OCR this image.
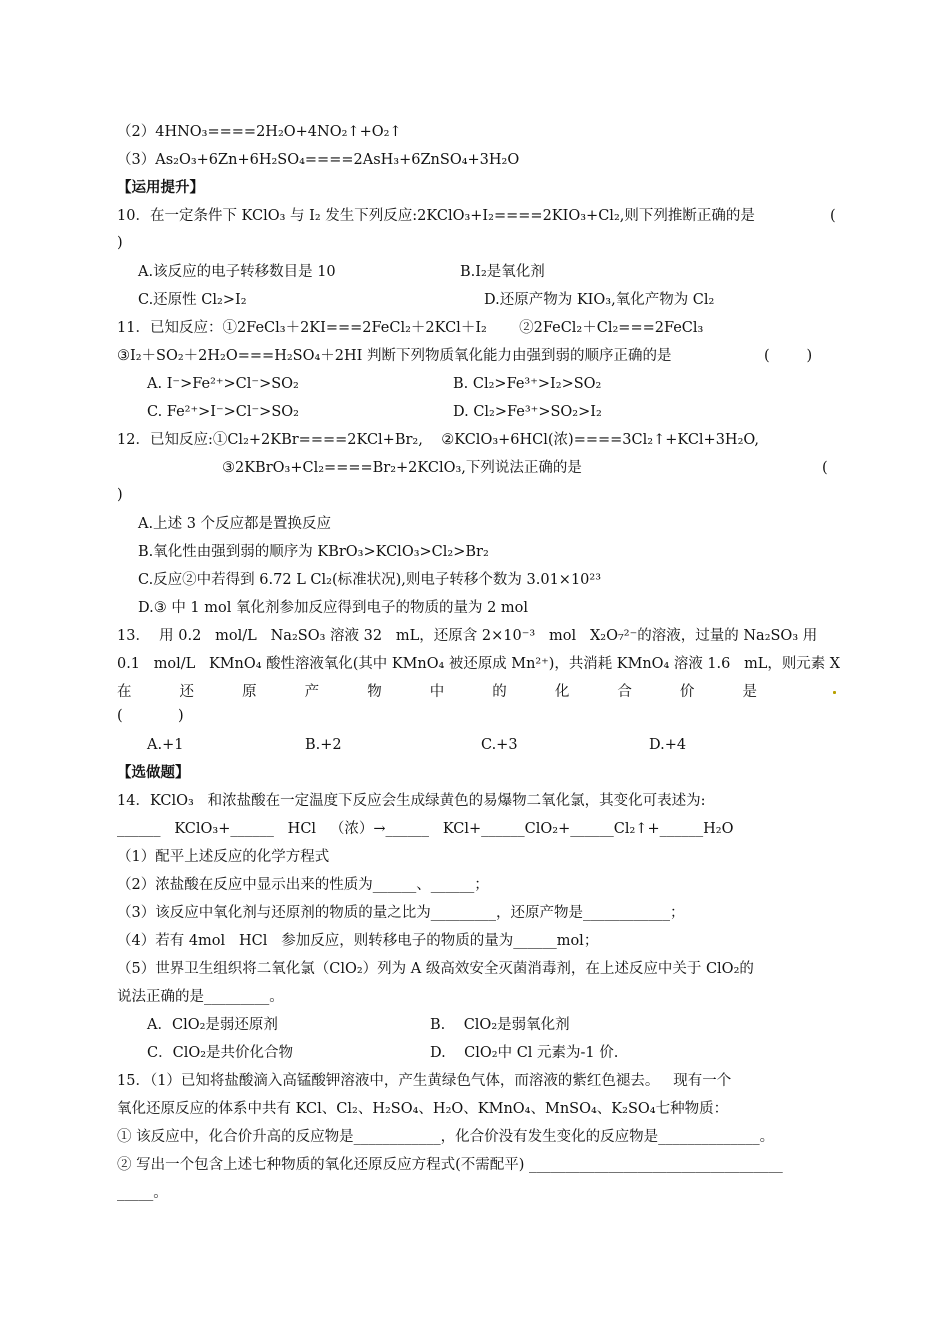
（2）4HNO₃====2H₂O+4NO₂↑+O₂↑
（3）As₂O₃+6Zn+6H₂SO₄====2AsH₃+6ZnSO₄+3H₂O
【运用提升】
10．在一定条件下 KClO₃ 与 I₂ 发生下列反应:2KClO₃+I₂====2KIO₃+Cl₂,则下列推断正确的是	(
)
A.该反应的电子转移数目是 10	B.I₂是氧化剂
C.还原性 Cl₂>I₂	D.还原产物为 KIO₃,氧化产物为 Cl₂
11．已知反应：①2FeCl₃＋2KI===2FeCl₂＋2KCl＋I₂       ②2FeCl₂＋Cl₂===2FeCl₃
③I₂＋SO₂＋2H₂O===H₂SO₄＋2HI 判断下列物质氧化能力由强到弱的顺序正确的是	(        )
A. I⁻>Fe²⁺>Cl⁻>SO₂	B. Cl₂>Fe³⁺>I₂>SO₂
C. Fe²⁺>I⁻>Cl⁻>SO₂	D. Cl₂>Fe³⁺>SO₂>I₂
12．已知反应:①Cl₂+2KBr====2KCl+Br₂,    ②KClO₃+6HCl(浓)====3Cl₂↑+KCl+3H₂O,
③2KBrO₃+Cl₂====Br₂+2KClO₃,下列说法正确的是	(
)
A.上述 3 个反应都是置换反应
B.氧化性由强到弱的顺序为 KBrO₃>KClO₃>Cl₂>Br₂
C.反应②中若得到 6.72 L Cl₂(标准状况),则电子转移个数为 3.01×10²³
D.③ 中 1 mol 氧化剂参加反应得到电子的物质的量为 2 mol
13．  用 0.2   mol/L   Na₂SO₃ 溶液 32   mL，还原含 2×10⁻³   mol   X₂O₇²⁻的溶液，过量的 Na₂SO₃ 用
0.1   mol/L   KMnO₄ 酸性溶液氧化(其中 KMnO₄ 被还原成 Mn²⁺)，共消耗 KMnO₄ 溶液 1.6   mL，则元素 X
在	还	原	产	物	中	的	化	合	价	是
(            )
A.+1	B.+2	C.+3	D.+4
【选做题】
14．KClO₃   和浓盐酸在一定温度下反应会生成绿黄色的易爆物二氧化氯，其变化可表述为:
______   KClO₃+______   HCl   （浓）→______   KCl+______ClO₂+______Cl₂↑+______H₂O
（1）配平上述反应的化学方程式
（2）浓盐酸在反应中显示出来的性质为______、______；
（3）该反应中氧化剂与还原剂的物质的量之比为_________，还原产物是____________；
（4）若有 4mol   HCl   参加反应，则转移电子的物质的量为______mol；
（5）世界卫生组织将二氧化氯（ClO₂）列为 A 级高效安全灭菌消毒剂，在上述反应中关于 ClO₂的
说法正确的是_________。
A．ClO₂是弱还原剂	B.    ClO₂是弱氧化剂
C．ClO₂是共价化合物	D.    ClO₂中 Cl 元素为-1 价.
15．（1）已知将盐酸滴入高锰酸钾溶液中，产生黄绿色气体，而溶液的紫红色褪去。   现有一个
氧化还原反应的体系中共有 KCl、Cl₂、H₂SO₄、H₂O、KMnO₄、MnSO₄、K₂SO₄七种物质：
① 该反应中，化合价升高的反应物是____________，化合价没有发生变化的反应物是______________。
② 写出一个包含上述七种物质的氧化还原反应方程式(不需配平) ___________________________________
_____。
